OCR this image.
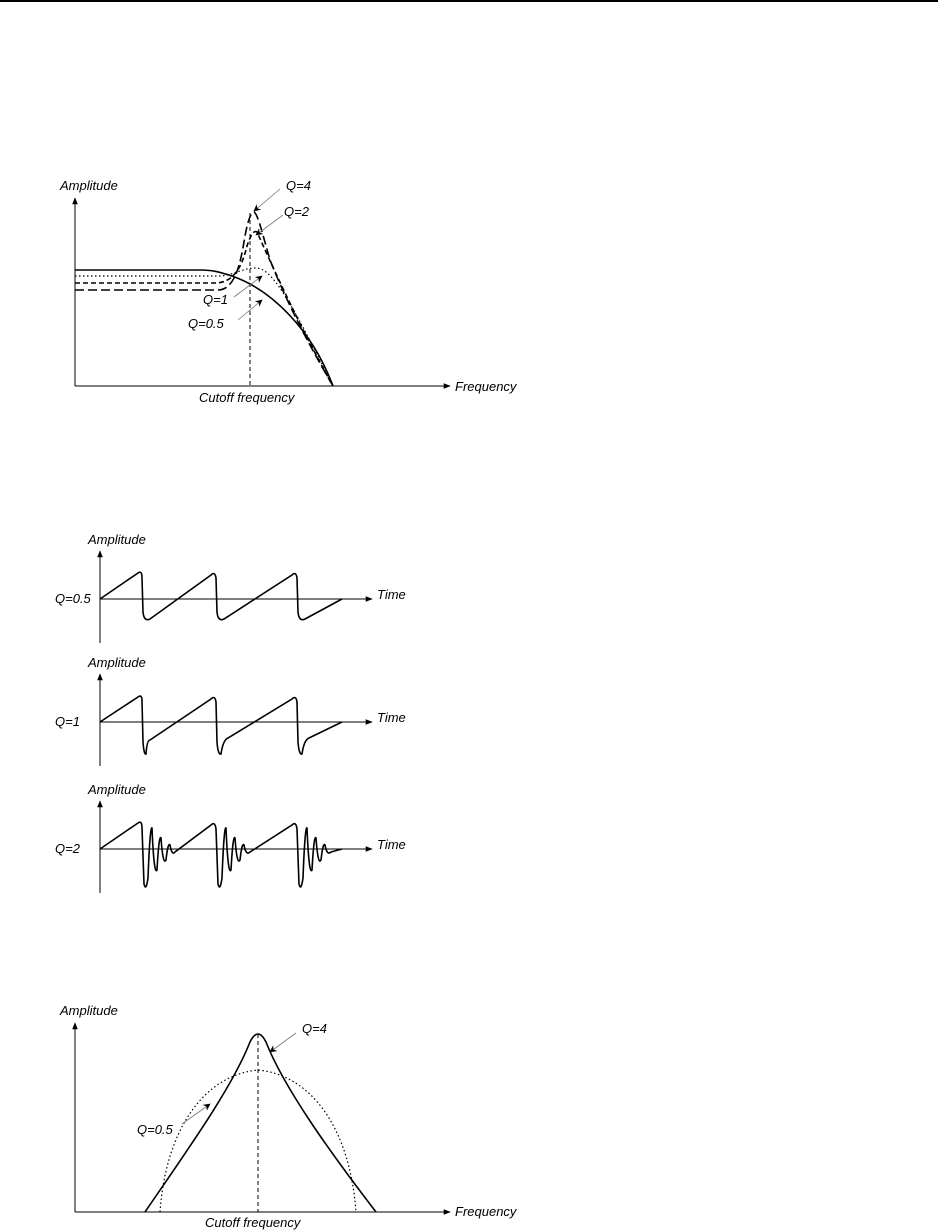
Amplitude
Frequency
Cutoff frequency
Q=4
Q=2
Q=1
Q=0.5
Amplitude
Time
Q=0.5
Amplitude
Time
Q=1
Amplitude
Time
Q=2
Amplitude
Frequency
Cutoff frequency
Q=4
Q=0.5
